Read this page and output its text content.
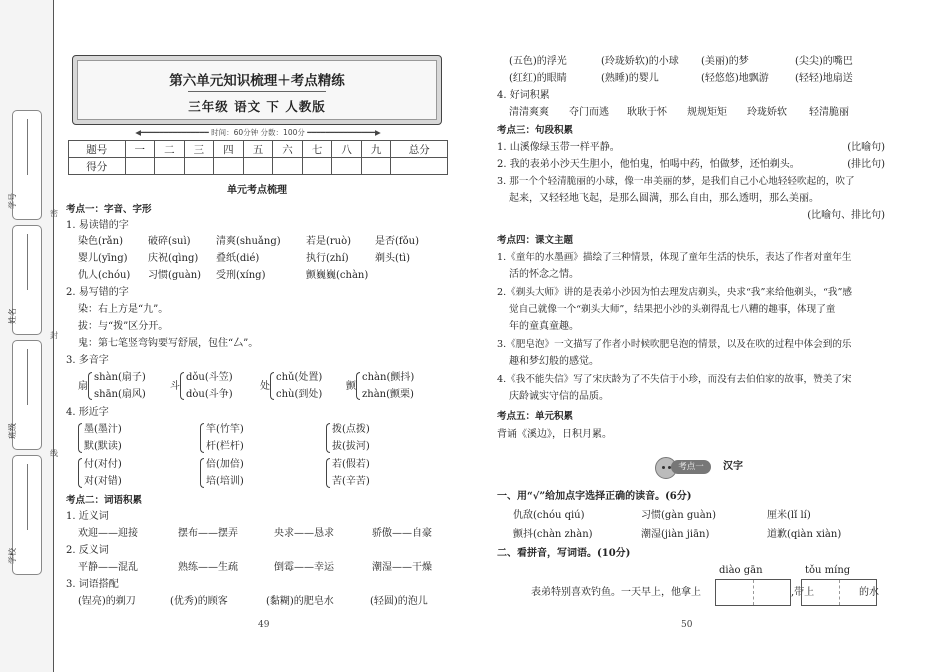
学号
姓名
班级
学校
密
封
线
第六单元知识梳理＋考点精练
三年级 语文 下 人教版
◀━━━━━━━━━━━━━━━ 时间：60分钟 分数：100分 ━━━━━━━━━━━━━━━▶
题号	一	二	三	四	五	六	七	八	九	总分
得分										
单元考点梳理
考点一：字音、字形
1. 易读错的字
染色(rǎn)	破碎(suì)	清爽(shuǎng)	若是(ruò) 是否(fǒu)
婴儿(yīng) 庆祝(qìng) 叠纸(dié)	执行(zhí)	剃头(tì)
仇人(chóu) 习惯(guàn) 受刑(xíng)	颤巍巍(chàn)
2. 易写错的字
染：右上方是“九”。
拔：与“拨”区分开。
鬼：第七笔竖弯钩要写舒展，包住“厶”。
3. 多音字
扇
shàn(扇子)
shān(扇风)
斗
dǒu(斗笠)
dòu(斗争)
处
chǔ(处置)
chù(到处)
颤
chàn(颤抖)
zhàn(颤栗)
4. 形近字
墨(墨汁)
默(默读)
竿(竹竿)
杆(栏杆)
拨(点拨)
拔(拔河)
付(对付)
对(对错)
倍(加倍)
培(培训)
若(假若)
苦(辛苦)
考点二：词语积累
1. 近义词
欢迎——迎接	摆布——摆弄	央求——恳求	骄傲——自豪
2. 反义词
平静——混乱	熟练——生疏	倒霉——幸运	潮湿——干燥
3. 词语搭配
(锃亮)的剃刀	(优秀)的顾客	(黏糊)的肥皂水	(轻圆)的泡儿
49
(五色)的浮光	(玲珑娇软)的小球 (美丽)的梦	(尖尖)的嘴巴
(红红)的眼睛	(熟睡)的婴儿	(轻悠悠)地飘游	(轻轻)地扇送
4. 好词积累
清清爽爽 夺门而逃 耿耿于怀 规规矩矩 玲珑娇软 轻清脆丽
考点三：句段积累
1. 山溪像绿玉带一样平静。	(比喻句)
2. 我的表弟小沙天生胆小，他怕鬼，怕喝中药，怕做梦，还怕剃头。	(排比句)
3. 那一个个轻清脆丽的小球，像一串美丽的梦，是我们自己小心地轻轻吹起的，吹了
起来，又轻轻地飞起，是那么圆满，那么自由，那么透明，那么美丽。
(比喻句、排比句)
考点四：课文主题
1.《童年的水墨画》描绘了三种情景，体现了童年生活的快乐，表达了作者对童年生
活的怀念之情。
2.《剃头大师》讲的是表弟小沙因为怕去理发店剃头，央求“我”来给他剃头，“我”感
觉自己就像一个“剃头大师”，结果把小沙的头剃得乱七八糟的趣事，体现了童
年的童真童趣。
3.《肥皂泡》一文描写了作者小时候吹肥皂泡的情景，以及在吹的过程中体会到的乐
趣和梦幻般的感觉。
4.《我不能失信》写了宋庆龄为了不失信于小珍，而没有去伯伯家的故事，赞美了宋
庆龄诚实守信的品质。
考点五：单元积累
背诵《溪边》，日积月累。
考点一	汉字
一、用“√”给加点字选择正确的读音。(6分)
仇敌(chóu qiú)	习惯(gàn guàn)	厘米(lǐ lí)
颤抖(chàn zhàn)	潮湿(jiàn jiān)	道歉(qiàn xiàn)
二、看拼音，写词语。(10分)
diào gān	tǒu míng
表弟特别喜欢钓鱼。一天早上，他拿上	,带上	的水
50
